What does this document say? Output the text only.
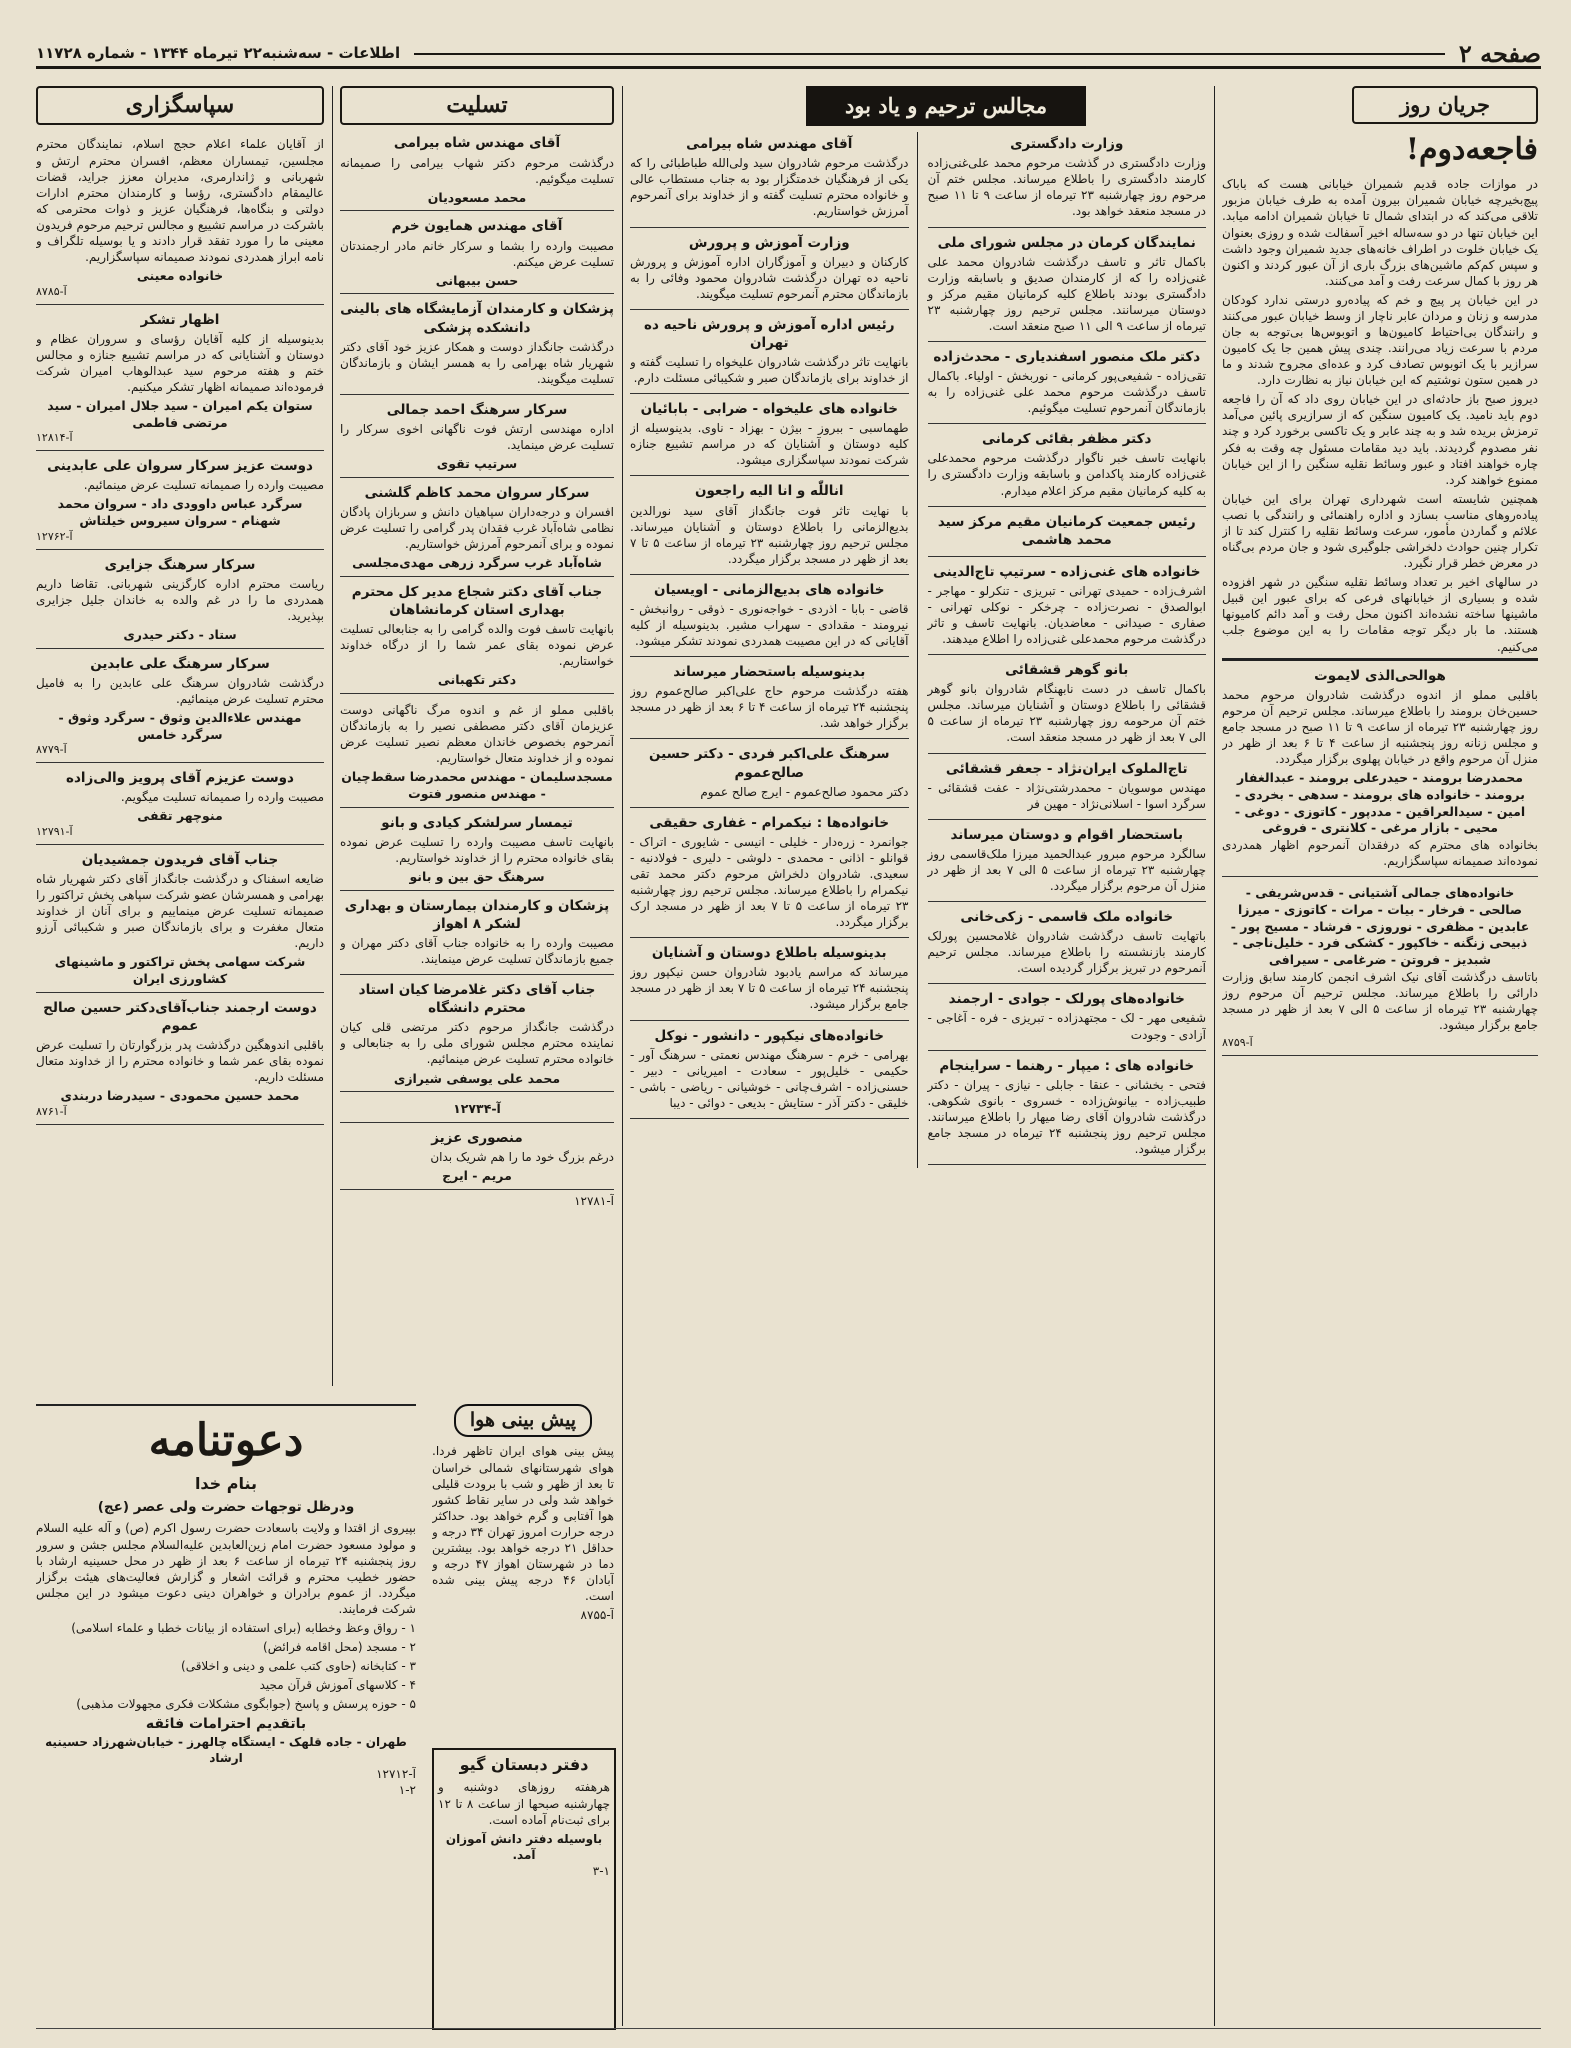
صفحه ۲
اطلاعات - سه‌شنبه۲۲ تیرماه ۱۳۴۴ - شماره ۱۱۷۲۸
جریان روز
فاجعه‌دوم!

در موازات جاده قدیم شمیران خیابانی هست که باباک پیچ‌بخیرچه خیابان شمیران بیرون آمده به طرف خیابان مزبور تلاقی می‌کند که در ابتدای شمال تا خیابان شمیران ادامه میابد. این خیابان تنها در دو سه‌ساله اخیر آسفالت شده و روزی بعنوان یک خیابان خلوت در اطراف خانه‌های جدید شمیران وجود داشت و سپس کم‌کم ماشین‌های بزرگ باری از آن عبور کردند و اکنون هر روز با کمال سرعت رفت و آمد می‌کنند.

در این خیابان پر پیچ و خم که پیاده‌رو درستی ندارد کودکان مدرسه و زنان و مردان عابر ناچار از وسط خیابان عبور می‌کنند و رانندگان بی‌احتیاط کامیون‌ها و اتوبوس‌ها بی‌توجه به جان مردم با سرعت زیاد می‌رانند. چندی پیش همین جا یک کامیون سرازیر با یک اتوبوس تصادف کرد و عده‌ای مجروح شدند و ما در همین ستون نوشتیم که این خیابان نیاز به نظارت دارد.

دیروز صبح باز حادثه‌ای در این خیابان روی داد که آن را فاجعه دوم باید نامید. یک کامیون سنگین که از سرازیری پائین می‌آمد ترمزش بریده شد و به چند عابر و یک تاکسی برخورد کرد و چند نفر مصدوم گردیدند. باید دید مقامات مسئول چه وقت به فکر چاره خواهند افتاد و عبور وسائط نقلیه سنگین را از این خیابان ممنوع خواهند کرد.

همچنین شایسته است شهرداری تهران برای این خیابان پیاده‌روهای مناسب بسازد و اداره راهنمائی و رانندگی با نصب علائم و گماردن مأمور، سرعت وسائط نقلیه را کنترل کند تا از تکرار چنین حوادث دلخراشی جلوگیری شود و جان مردم بی‌گناه در معرض خطر قرار نگیرد.

در سالهای اخیر بر تعداد وسائط نقلیه سنگین در شهر افزوده شده و بسیاری از خیابانهای فرعی که برای عبور این قبیل ماشینها ساخته نشده‌اند اکنون محل رفت و آمد دائم کامیونها هستند. ما بار دیگر توجه مقامات را به این موضوع جلب می‌کنیم.

هوالحی‌الذی لایموت

باقلبی مملو از اندوه درگذشت شادروان مرحوم محمد حسین‌خان برومند را باطلاع میرساند. مجلس ترحیم آن مرحوم روز چهارشنبه ۲۳ تیرماه از ساعت ۹ تا ۱۱ صبح در مسجد جامع و مجلس زنانه روز پنجشنبه از ساعت ۴ تا ۶ بعد از ظهر در منزل آن مرحوم واقع در خیابان پهلوی برگزار میگردد.

محمدرضا برومند - حیدرعلی برومند - عبدالغفار برومند - خانواده های برومند - سدهی - بخردی - امین - سیدالعراقین - مددپور - کاتوزی - دوغی - محیی - بازار مرغی - کلانتری - فروغی

بخانواده های محترم که درفقدان آنمرحوم اظهار همدردی نموده‌اند صمیمانه سپاسگزاریم.

خانواده‌های جمالی آشتیانی - قدس‌شریفی - صالحی - فرخار - بیات - مرات - کاتوزی - میرزا عابدین - مظفری - نوروزی - فرشاد - مسیح پور - ذبیحی زنگنه - خاکپور - کشکی فرد - خلیل‌ناجی - شبدیز - فروتن - ضرغامی - سیرافی

باتاسف درگذشت آقای نیک اشرف انجمن کارمند سابق وزارت دارائی را باطلاع میرساند. مجلس ترحیم آن مرحوم روز چهارشنبه ۲۳ تیرماه از ساعت ۵ الی ۷ بعد از ظهر در مسجد جامع برگزار میشود.

آ-۸۷۵۹
مجالس ترحیم و یاد بود
وزارت دادگستری

وزارت دادگستری در گذشت مرحوم محمد علی‌غنی‌زاده کارمند دادگستری را باطلاع میرساند. مجلس ختم آن مرحوم روز چهارشنبه ۲۳ تیرماه از ساعت ۹ تا ۱۱ صبح در مسجد منعقد خواهد بود.

نمایندگان کرمان در مجلس شورای ملی

باکمال تاثر و تاسف درگذشت شادروان محمد علی غنی‌زاده را که از کارمندان صدیق و باسابقه وزارت دادگستری بودند باطلاع کلیه کرمانیان مقیم مرکز و دوستان میرسانند. مجلس ترحیم روز چهارشنبه ۲۳ تیرماه از ساعت ۹ الی ۱۱ صبح منعقد است.

دکتر ملک منصور اسفندیاری - محدث‌زاده

تقی‌زاده - شفیعی‌پور کرمانی - نوربخش - اولیاء. باکمال تاسف درگذشت مرحوم محمد علی غنی‌زاده را به بازماندگان آنمرحوم تسلیت میگوئیم.

دکتر مظفر بقائی کرمانی

بانهایت تاسف خبر ناگوار درگذشت مرحوم محمدعلی غنی‌زاده کارمند پاکدامن و باسابقه وزارت دادگستری را به کلیه کرمانیان مقیم مرکز اعلام میدارم.

رئیس جمعیت کرمانیان مقیم مرکز سید محمد هاشمی

خانواده های غنی‌زاده - سرتیپ تاج‌الدینی

اشرف‌زاده - حمیدی تهرانی - تبریزی - تنکرلو - مهاجر - ابوالصدق - نصرت‌زاده - چرخکر - نوکلی تهرانی - صفاری - صیدانی - معاضدیان. بانهایت تاسف و تاثر درگذشت مرحوم محمدعلی غنی‌زاده را اطلاع میدهند.

بانو گوهر قشقائی

باکمال تاسف در دست نابهنگام شادروان بانو گوهر قشقائی را باطلاع دوستان و آشنایان میرساند. مجلس ختم آن مرحومه روز چهارشنبه ۲۳ تیرماه از ساعت ۵ الی ۷ بعد از ظهر در مسجد منعقد است.

تاج‌الملوک ایران‌نژاد - جعفر قشقائی

مهندس موسویان - محمدرشتی‌نژاد - عفت قشقائی - سرگرد اسوا - اسلانی‌نژاد - مهین فر

باستحضار اقوام و دوستان میرساند

سالگرد مرحوم مبرور عبدالحمید میرزا ملک‌قاسمی روز چهارشنبه ۲۳ تیرماه از ساعت ۵ الی ۷ بعد از ظهر در منزل آن مرحوم برگزار میگردد.

خانواده ملک قاسمی - زکی‌خانی

باتهایت تاسف درگذشت شادروان غلامحسین پورلک کارمند بازنشسته را باطلاع میرساند. مجلس ترحیم آنمرحوم در تبریز برگزار گردیده است.

خانواده‌های پورلک - جوادی - ارجمند

شفیعی مهر - لک - مجتهدزاده - تبریزی - فره - آغاجی - آزادی - وجودت

خانواده های : میپار - رهنما - سراینجام

فتحی - بخشانی - عنقا - جابلی - نیازی - پیران - دکتر طبیب‌زاده - بیانوش‌زاده - خسروی - بانوی شکوهی. درگذشت شادروان آقای رضا میهار را باطلاع میرسانند. مجلس ترحیم روز پنجشنبه ۲۴ تیرماه در مسجد جامع برگزار میشود.

آقای مهندس شاه بیرامی

درگذشت مرحوم شادروان سید ولی‌الله طباطبائی را که یکی از فرهنگیان خدمتگزار بود به جناب مستطاب عالی و خانواده محترم تسلیت گفته و از خداوند برای آنمرحوم آمرزش خواستاریم.

وزارت آموزش و پرورش

کارکنان و دبیران و آموزگاران اداره آموزش و پرورش ناحیه ده تهران درگذشت شادروان محمود وفائی را به بازماندگان محترم آنمرحوم تسلیت میگویند.

رئیس اداره آموزش و پرورش ناحیه ده تهران

بانهایت تاثر درگذشت شادروان علیخواه را تسلیت گفته و از خداوند برای بازماندگان صبر و شکیبائی مسئلت دارم.

خانواده های علیخواه - ضرابی - بابائیان

طهماسبی - ببروز - بیژن - بهزاد - ناوی. بدینوسیله از کلیه دوستان و آشنایان که در مراسم تشییع جنازه شرکت نمودند سپاسگزاری میشود.

اناللّٰه و انا الیه راجعون

با نهایت تاثر فوت جانگداز آقای سید نورالدین بدیع‌الزمانی را باطلاع دوستان و آشنایان میرساند. مجلس ترحیم روز چهارشنبه ۲۳ تیرماه از ساعت ۵ تا ۷ بعد از ظهر در مسجد برگزار میگردد.

خانواده های بدیع‌الزمانی - اویسیان

قاضی - بابا - اذردی - خواجه‌نوری - ذوقی - روانبخش - نیرومند - مقدادی - سهراب مشیر. بدینوسیله از کلیه آقایانی که در این مصیبت همدردی نمودند تشکر میشود.

بدینوسیله باستحضار میرساند

هفته درگذشت مرحوم حاج علی‌اکبر صالح‌عموم روز پنجشنبه ۲۴ تیرماه از ساعت ۴ تا ۶ بعد از ظهر در مسجد برگزار خواهد شد.

سرهنگ علی‌اکبر فردی - دکتر حسین صالح‌عموم

دکتر محمود صالح‌عموم - ایرج صالح عموم

خانواده‌ها : نیکمرام - غفاری حقیقی

جوانمرد - زره‌دار - خلیلی - انیسی - شایوری - اتراک - قوانلو - اذانی - محمدی - دلوشی - دلیری - فولادنیه - سعیدی. شادروان دلخراش مرحوم دکتر محمد تقی نیکمرام را باطلاع میرساند. مجلس ترحیم روز چهارشنبه ۲۳ تیرماه از ساعت ۵ تا ۷ بعد از ظهر در مسجد ارک برگزار میگردد.

بدینوسیله باطلاع دوستان و آشنایان

میرساند که مراسم یادبود شادروان حسن نیکپور روز پنجشنبه ۲۴ تیرماه از ساعت ۵ تا ۷ بعد از ظهر در مسجد جامع برگزار میشود.

خانواده‌های نیکپور - دانشور - نوکل

بهرامی - خرم - سرهنگ مهندس نعمتی - سرهنگ آور - حکیمی - خلیل‌پور - سعادت - امیریانی - دبیر - حسنی‌زاده - اشرف‌چانی - خوشیانی - ریاضی - باشی - خلیقی - دکتر آذر - ستایش - بدیعی - دوائی - دیبا

تسلیت
آقای مهندس شاه بیرامی

درگذشت مرحوم دکتر شهاب بیرامی را صمیمانه تسلیت میگوئیم.

محمد مسعودیان
آقای مهندس همایون خرم

مصیبت وارده را بشما و سرکار خانم مادر ارجمندتان تسلیت عرض میکنم.

حسن بیبهانی
پزشکان و کارمندان آزمایشگاه های بالینی دانشکده پزشکی

درگذشت جانگداز دوست و همکار عزیز خود آقای دکتر شهریار شاه بهرامی را به همسر ایشان و بازماندگان تسلیت میگویند.

سرکار سرهنگ احمد جمالی

اداره مهندسی ارتش فوت ناگهانی اخوی سرکار را تسلیت عرض مینماید.

سرتیپ تقوی
سرکار سروان محمد کاظم گلشنی

افسران و درجه‌داران سپاهیان دانش و سربازان پادگان نظامی شاه‌آباد غرب فقدان پدر گرامی را تسلیت عرض نموده و برای آنمرحوم آمرزش خواستاریم.

شاه‌آباد غرب سرگرد زرهی مهدی‌مجلسی
جناب آقای دکتر شجاع مدیر کل محترم بهداری استان کرمانشاهان

بانهایت تاسف فوت والده گرامی را به جنابعالی تسلیت عرض نموده بقای عمر شما را از درگاه خداوند خواستاریم.

دکتر تکهبانی

باقلبی مملو از غم و اندوه مرگ ناگهانی دوست عزیزمان آقای دکتر مصطفی نصیر را به بازماندگان آنمرحوم بخصوص خاندان معظم نصیر تسلیت عرض نموده و از خداوند متعال خواستاریم.

مسجدسلیمان - مهندس محمدرضا سقط‌چیان - مهندس منصور فتوت
تیمسار سرلشکر کیادی و بانو

بانهایت تاسف مصیبت وارده را تسلیت عرض نموده بقای خانواده محترم را از خداوند خواستاریم.

سرهنگ حق بین و بانو
پزشکان و کارمندان بیمارستان و بهداری لشکر ۸ اهواز

مصیبت وارده را به خانواده جناب آقای دکتر مهران و جمیع بازماندگان تسلیت عرض مینمایند.

جناب آقای دکتر غلامرضا کیان استاد محترم دانشگاه

درگذشت جانگداز مرحوم دکتر مرتضی قلی کیان نماینده محترم مجلس شورای ملی را به جنابعالی و خانواده محترم تسلیت عرض مینمائیم.

محمد علی یوسفی شیرازی

آ-۱۲۷۳۴
منصوری عزیز

درغم بزرگ خود ما را هم شریک بدان

مریم - ایرج
آ-۱۲۷۸۱
سپاسگزاری

از آقایان علماء اعلام حجج اسلام، نمایندگان محترم مجلسین، تیمساران معظم، افسران محترم ارتش و شهربانی و ژاندارمری، مدیران معزز جراید، قضات عالیمقام دادگستری، رؤسا و کارمندان محترم ادارات دولتی و بنگاه‌ها، فرهنگیان عزیز و ذوات محترمی که باشرکت در مراسم تشییع و مجالس ترحیم مرحوم فریدون معینی ما را مورد تفقد قرار دادند و یا بوسیله تلگراف و نامه ابراز همدردی نمودند صمیمانه سپاسگزاریم.

خانواده معینی
آ-۸۷۸۵
اظهار تشکر

بدینوسیله از کلیه آقایان رؤسای و سروران عظام و دوستان و آشنایانی که در مراسم تشییع جنازه و مجالس ختم و هفته مرحوم سید عبدالوهاب امیران شرکت فرموده‌اند صمیمانه اظهار تشکر میکنیم.

ستوان یکم امیران - سید جلال امیران - سید مرتضی فاطمی
آ-۱۲۸۱۴
دوست عزیز سرکار سروان علی عابدینی

مصیبت وارده را صمیمانه تسلیت عرض مینمائیم.

سرگرد عباس داوودی داد - سروان محمد شهنام - سروان سیروس خیلتاش
آ-۱۲۷۶۲
سرکار سرهنگ جزایری

ریاست محترم اداره کارگزینی شهربانی. تقاضا داریم همدردی ما را در غم والده به خاندان جلیل جزایری بپذیرید.

ستاد - دکتر حیدری
سرکار سرهنگ علی عابدین

درگذشت شادروان سرهنگ علی عابدین را به فامیل محترم تسلیت عرض مینمائیم.

مهندس علاءالدین وثوق - سرگرد وثوق - سرگرد خامس
آ-۸۷۷۹
دوست عزیزم آقای پرویز والی‌زاده

مصیبت وارده را صمیمانه تسلیت میگویم.

منوچهر تقفی
آ-۱۲۷۹۱
جناب آقای فریدون جمشیدیان

ضایعه اسفناک و درگذشت جانگداز آقای دکتر شهریار شاه بهرامی و همسرشان عضو شرکت سپاهی پخش تراکتور را صمیمانه تسلیت عرض مینماییم و برای آنان از خداوند متعال مغفرت و برای بازماندگان صبر و شکیبائی آرزو داریم.

شرکت سهامی پخش تراکتور و ماشینهای کشاورزی ایران
دوست ارجمند جناب‌آقای‌دکتر حسین صالح عموم

باقلبی اندوهگین درگذشت پدر بزرگوارتان را تسلیت عرض نموده بقای عمر شما و خانواده محترم را از خداوند متعال مسئلت داریم.

محمد حسین محمودی - سیدرضا دربندی
آ-۸۷۶۱
پیش بینی هوا

پیش بینی هوای ایران تاظهر فردا. هوای شهرستانهای شمالی خراسان تا بعد از ظهر و شب با برودت قلیلی خواهد شد ولی در سایر نقاط کشور هوا آفتابی و گرم خواهد بود. حداکثر درجه حرارت امروز تهران ۳۴ درجه و حداقل ۲۱ درجه خواهد بود. بیشترین دما در شهرستان اهواز ۴۷ درجه و آبادان ۴۶ درجه پیش بینی شده است.

آ-۸۷۵۵
دفتر دبستان گیو

هرهفته روزهای دوشنبه و چهارشنبه صبحها از ساعت ۸ تا ۱۲ برای ثبت‌نام آماده است.

باوسیله دفتر دانش آموزان آمد.
۳-۱
دعوتنامه
بنام خدا
ودرظل توجهات حضرت ولی عصر (عج)

بپیروی از اقتدا و ولایت باسعادت حضرت رسول اکرم (ص) و آله علیه السلام و مولود مسعود حضرت امام زین‌العابدین علیه‌السلام مجلس جشن و سرور روز پنجشنبه ۲۴ تیرماه از ساعت ۶ بعد از ظهر در محل حسینیه ارشاد با حضور خطیب محترم و قرائت اشعار و گزارش فعالیت‌های هیئت برگزار میگردد. از عموم برادران و خواهران دینی دعوت میشود در این مجلس شرکت فرمایند.

۱ - رواق وعظ وخطابه (برای استفاده از بیانات خطبا و علماء اسلامی)

۲ - مسجد (محل اقامه فرائض)

۳ - کتابخانه (حاوی کتب علمی و دینی و اخلاقی)

۴ - کلاسهای آموزش قرآن مجید

۵ - حوزه پرسش و پاسخ (جوابگوی مشکلات فکری مجهولات مذهبی)

باتقدیم احترامات فائقه
طهران - جاده قلهک - ایستگاه چالهرز - خیابان‌شهرزاد حسینیه ارشاد
آ-۱۲۷۱۲
۱-۲
